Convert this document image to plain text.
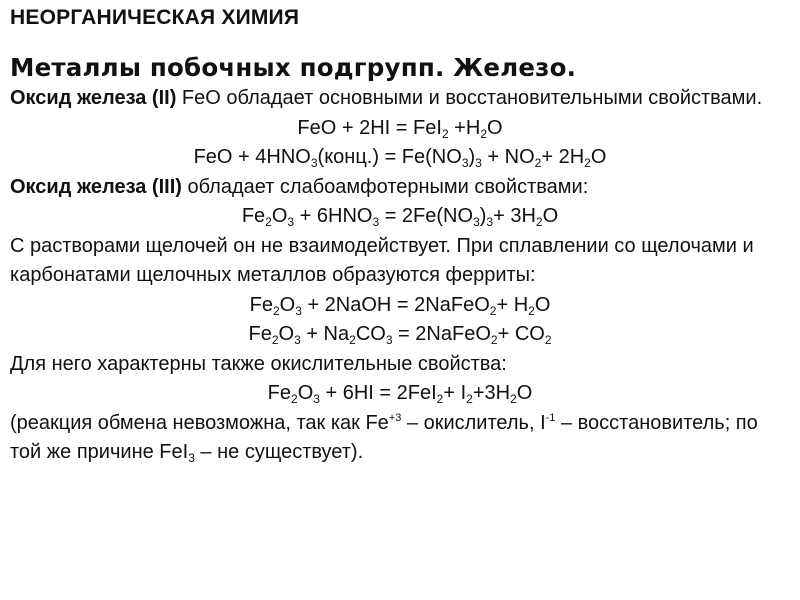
НЕОРГАНИЧЕСКАЯ ХИМИЯ
Металлы побочных подгрупп. Железо.

Оксид железа (II) FeO обладает основными и восстановительными свойствами.

FeO + $2HI = FeI_2 +H_2O$
FeO + $4HNO_3(конц.) = Fe(NO_3)_3 + NO_2+ 2H_2O$

Оксид железа (III) обладает слабоамфотерными свойствами:

$Fe_2O_3 + 6HNO_3 = 2Fe(NO_3)_3+ 3H_2O$

С растворами щелочей он не взаимодействует. При сплавлении со щелочами и карбонатами щелочных металлов образуются ферриты:

$Fe_2O_3$ + 2NaOH = 2NaFeO$_2$+ $H_2O$
$Fe_2O_3 + Na_2CO_3$ = 2NaFeO$_2$+ $CO_2$

Для него характерны также окислительные свойства:

$Fe_2O_3 + 6HI = 2FeI_2+ I_2+3H_2O$

(реакция обмена невозможна, так как $Fe^{+3}$ – окислитель, $I^{-1}$ – восстановитель; по той же причине FeI$_3$ – не существует).
